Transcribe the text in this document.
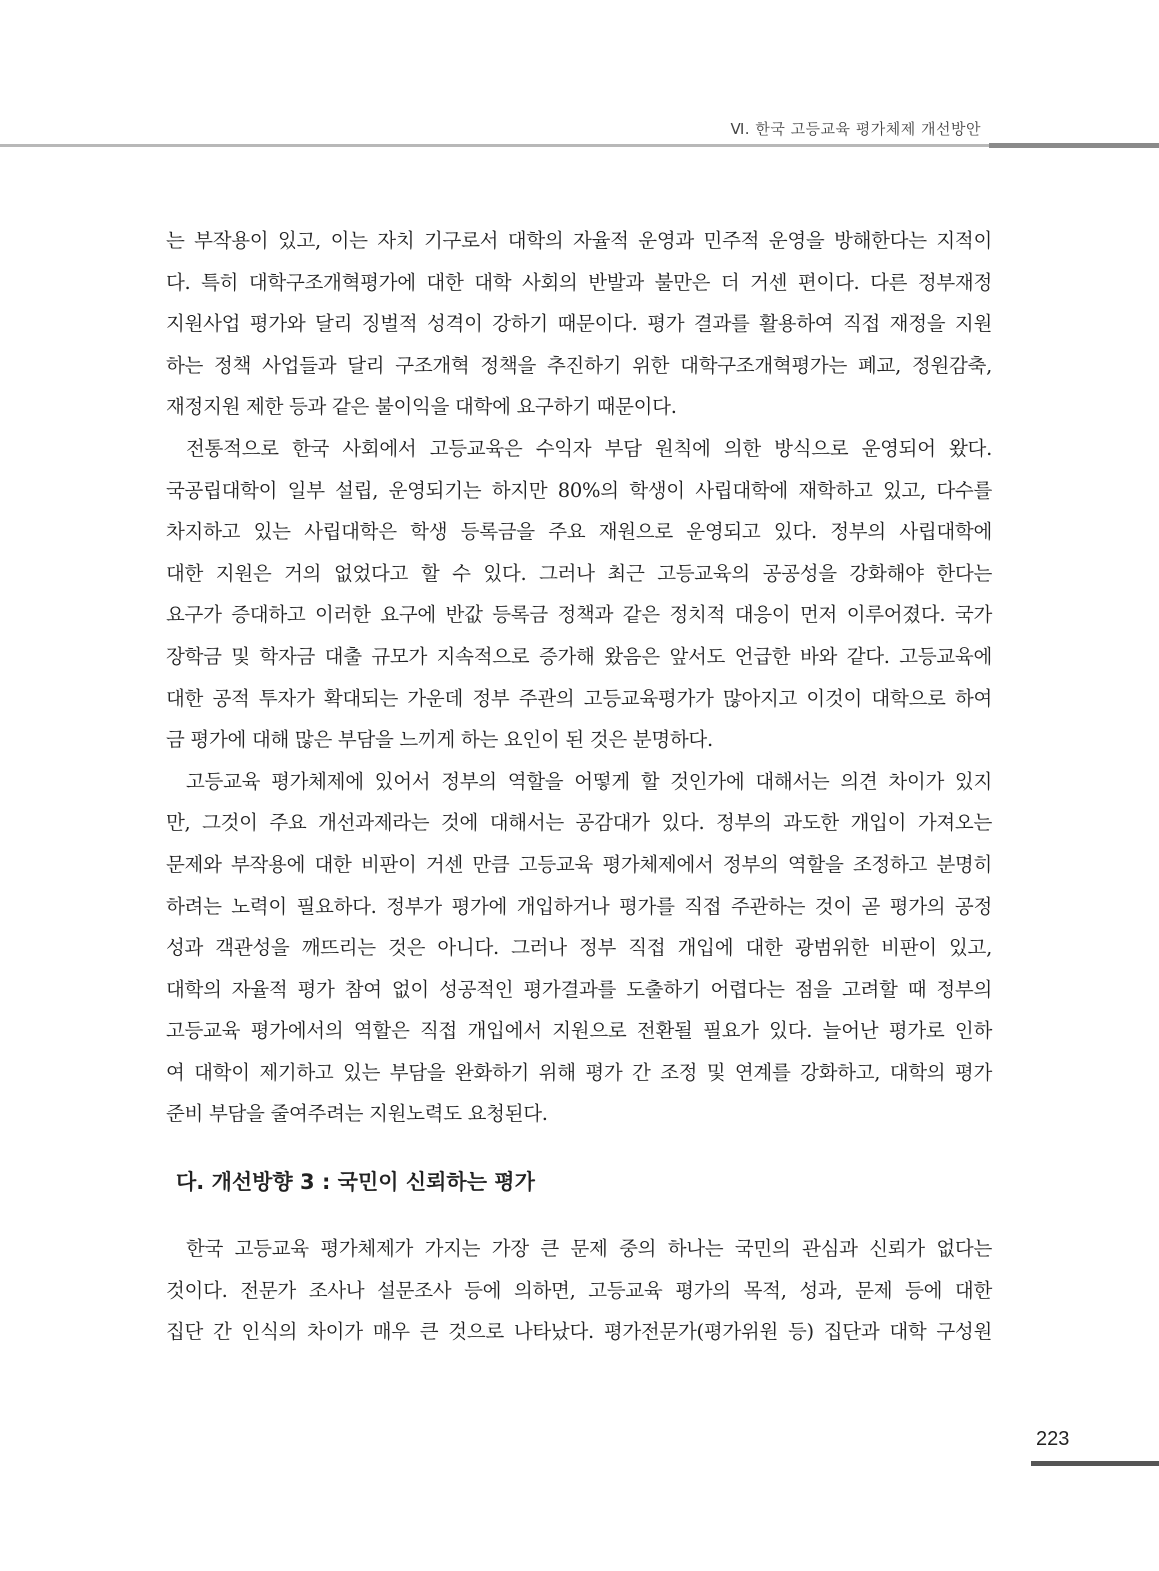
Ⅵ. 한국 고등교육 평가체제 개선방안
는 부작용이 있고, 이는 자치 기구로서 대학의 자율적 운영과 민주적 운영을 방해한다는 지적이
다. 특히 대학구조개혁평가에 대한 대학 사회의 반발과 불만은 더 거센 편이다. 다른 정부재정
지원사업 평가와 달리 징벌적 성격이 강하기 때문이다. 평가 결과를 활용하여 직접 재정을 지원
하는 정책 사업들과 달리 구조개혁 정책을 추진하기 위한 대학구조개혁평가는 폐교, 정원감축,
재정지원 제한 등과 같은 불이익을 대학에 요구하기 때문이다.
전통적으로 한국 사회에서 고등교육은 수익자 부담 원칙에 의한 방식으로 운영되어 왔다.
국공립대학이 일부 설립, 운영되기는 하지만 80%의 학생이 사립대학에 재학하고 있고, 다수를
차지하고 있는 사립대학은 학생 등록금을 주요 재원으로 운영되고 있다. 정부의 사립대학에
대한 지원은 거의 없었다고 할 수 있다. 그러나 최근 고등교육의 공공성을 강화해야 한다는
요구가 증대하고 이러한 요구에 반값 등록금 정책과 같은 정치적 대응이 먼저 이루어졌다. 국가
장학금 및 학자금 대출 규모가 지속적으로 증가해 왔음은 앞서도 언급한 바와 같다. 고등교육에
대한 공적 투자가 확대되는 가운데 정부 주관의 고등교육평가가 많아지고 이것이 대학으로 하여
금 평가에 대해 많은 부담을 느끼게 하는 요인이 된 것은 분명하다.
고등교육 평가체제에 있어서 정부의 역할을 어떻게 할 것인가에 대해서는 의견 차이가 있지
만, 그것이 주요 개선과제라는 것에 대해서는 공감대가 있다. 정부의 과도한 개입이 가져오는
문제와 부작용에 대한 비판이 거센 만큼 고등교육 평가체제에서 정부의 역할을 조정하고 분명히
하려는 노력이 필요하다. 정부가 평가에 개입하거나 평가를 직접 주관하는 것이 곧 평가의 공정
성과 객관성을 깨뜨리는 것은 아니다. 그러나 정부 직접 개입에 대한 광범위한 비판이 있고,
대학의 자율적 평가 참여 없이 성공적인 평가결과를 도출하기 어렵다는 점을 고려할 때 정부의
고등교육 평가에서의 역할은 직접 개입에서 지원으로 전환될 필요가 있다. 늘어난 평가로 인하
여 대학이 제기하고 있는 부담을 완화하기 위해 평가 간 조정 및 연계를 강화하고, 대학의 평가
준비 부담을 줄여주려는 지원노력도 요청된다.
다. 개선방향 3 : 국민이 신뢰하는 평가
한국 고등교육 평가체제가 가지는 가장 큰 문제 중의 하나는 국민의 관심과 신뢰가 없다는
것이다. 전문가 조사나 설문조사 등에 의하면, 고등교육 평가의 목적, 성과, 문제 등에 대한
집단 간 인식의 차이가 매우 큰 것으로 나타났다. 평가전문가(평가위원 등) 집단과 대학 구성원
223
